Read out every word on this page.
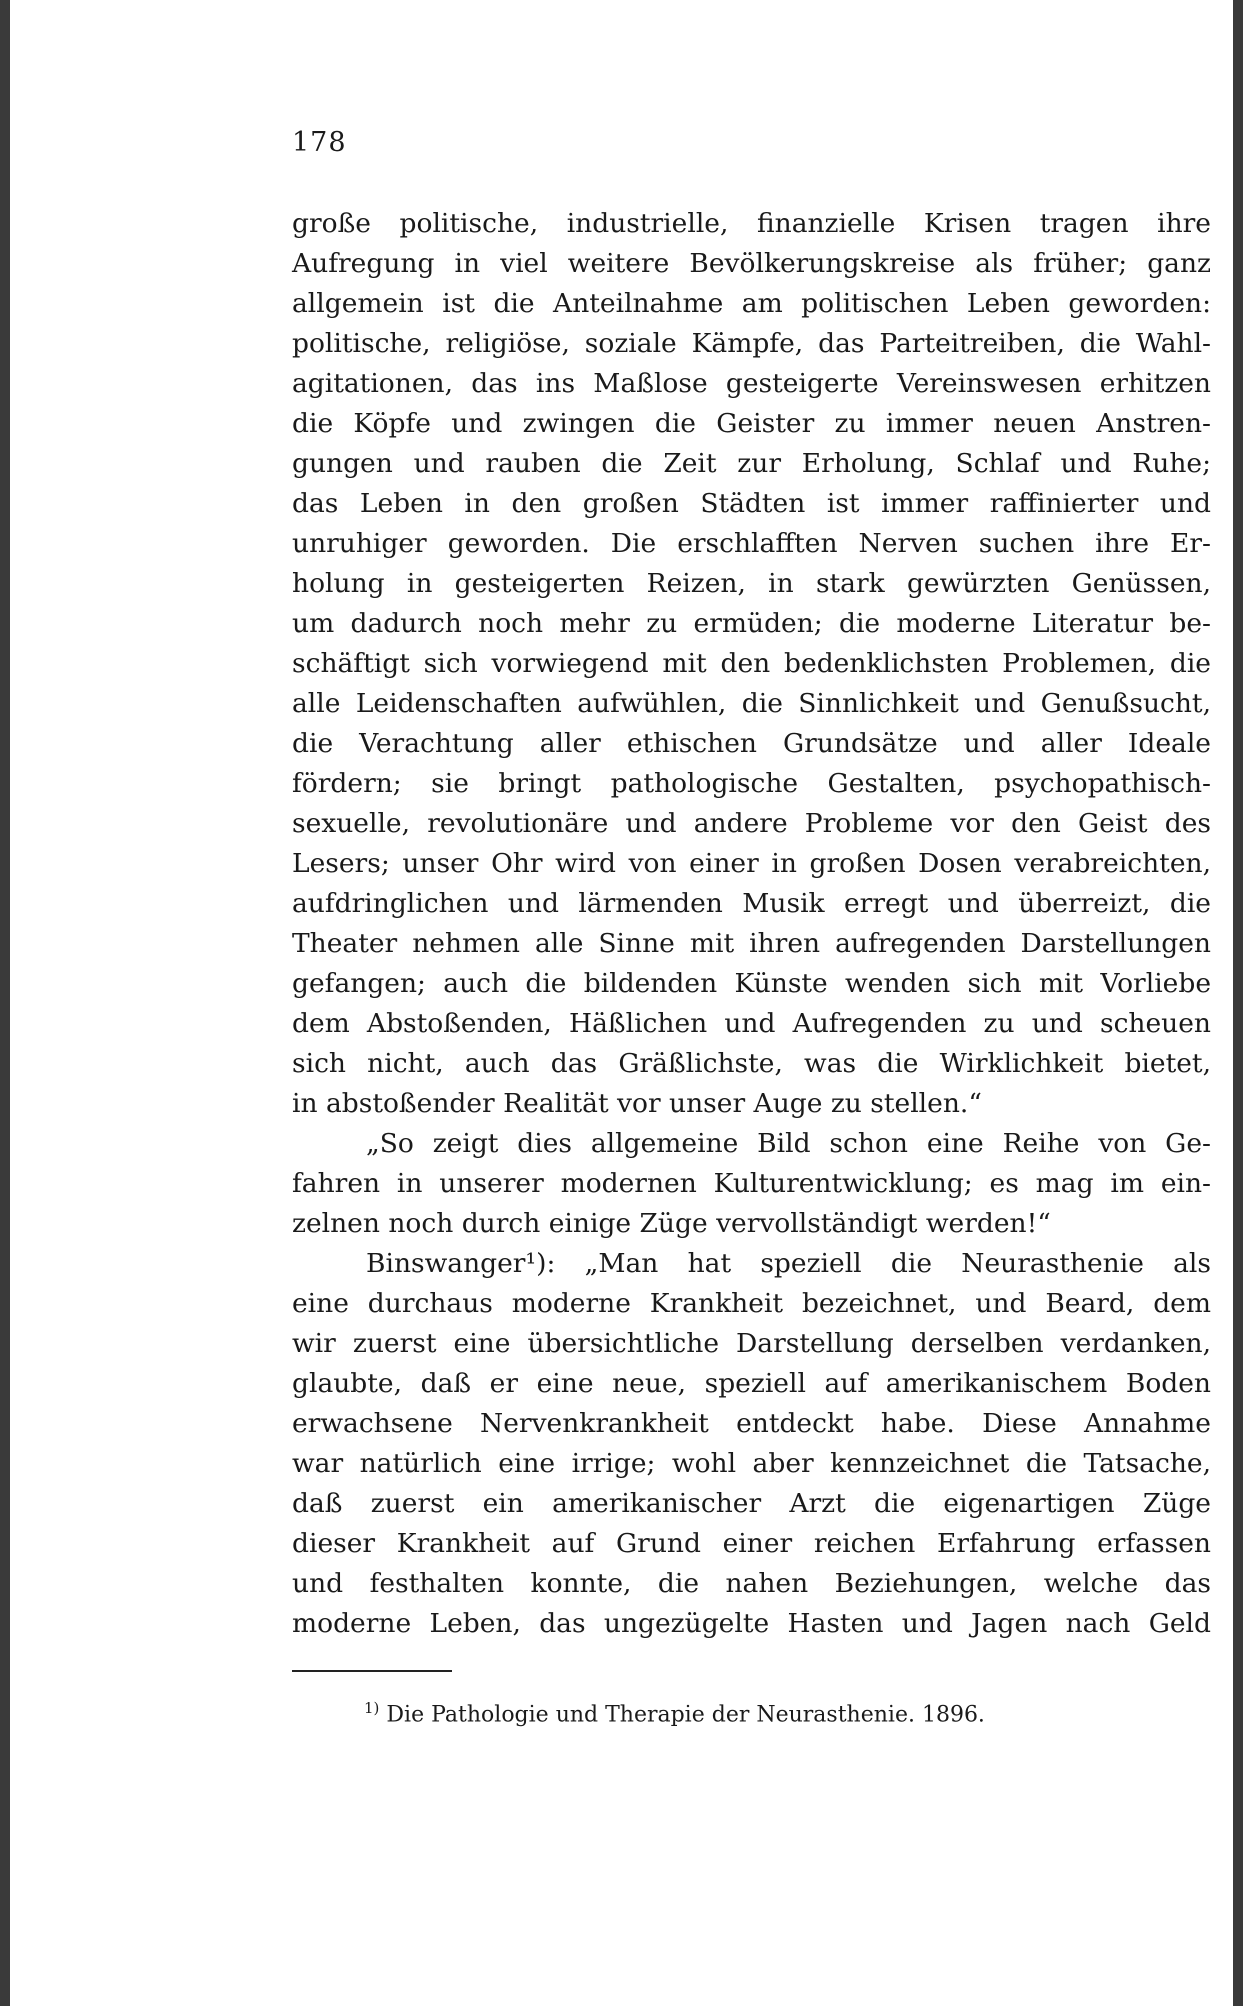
178
große politische, industrielle, finanzielle Krisen tragen ihre
Aufregung in viel weitere Bevölkerungskreise als früher; ganz
allgemein ist die Anteilnahme am politischen Leben geworden:
politische, religiöse, soziale Kämpfe, das Parteitreiben, die Wahl-
agitationen, das ins Maßlose gesteigerte Vereinswesen erhitzen
die Köpfe und zwingen die Geister zu immer neuen Anstren-
gungen und rauben die Zeit zur Erholung, Schlaf und Ruhe;
das Leben in den großen Städten ist immer raffinierter und
unruhiger geworden. Die erschlafften Nerven suchen ihre Er-
holung in gesteigerten Reizen, in stark gewürzten Genüssen,
um dadurch noch mehr zu ermüden; die moderne Literatur be-
schäftigt sich vorwiegend mit den bedenklichsten Problemen, die
alle Leidenschaften aufwühlen, die Sinnlichkeit und Genußsucht,
die Verachtung aller ethischen Grundsätze und aller Ideale
fördern; sie bringt pathologische Gestalten, psychopathisch-
sexuelle, revolutionäre und andere Probleme vor den Geist des
Lesers; unser Ohr wird von einer in großen Dosen verabreichten,
aufdringlichen und lärmenden Musik erregt und überreizt, die
Theater nehmen alle Sinne mit ihren aufregenden Darstellungen
gefangen; auch die bildenden Künste wenden sich mit Vorliebe
dem Abstoßenden, Häßlichen und Aufregenden zu und scheuen
sich nicht, auch das Gräßlichste, was die Wirklichkeit bietet,
in abstoßender Realität vor unser Auge zu stellen.“
„So zeigt dies allgemeine Bild schon eine Reihe von Ge-
fahren in unserer modernen Kulturentwicklung; es mag im ein-
zelnen noch durch einige Züge vervollständigt werden!“
Binswanger¹): „Man hat speziell die Neurasthenie als
eine durchaus moderne Krankheit bezeichnet, und Beard, dem
wir zuerst eine übersichtliche Darstellung derselben verdanken,
glaubte, daß er eine neue, speziell auf amerikanischem Boden
erwachsene Nervenkrankheit entdeckt habe. Diese Annahme
war natürlich eine irrige; wohl aber kennzeichnet die Tatsache,
daß zuerst ein amerikanischer Arzt die eigenartigen Züge
dieser Krankheit auf Grund einer reichen Erfahrung erfassen
und festhalten konnte, die nahen Beziehungen, welche das
moderne Leben, das ungezügelte Hasten und Jagen nach Geld
$^{1)}$ Die Pathologie und Therapie der Neurasthenie. 1896.
